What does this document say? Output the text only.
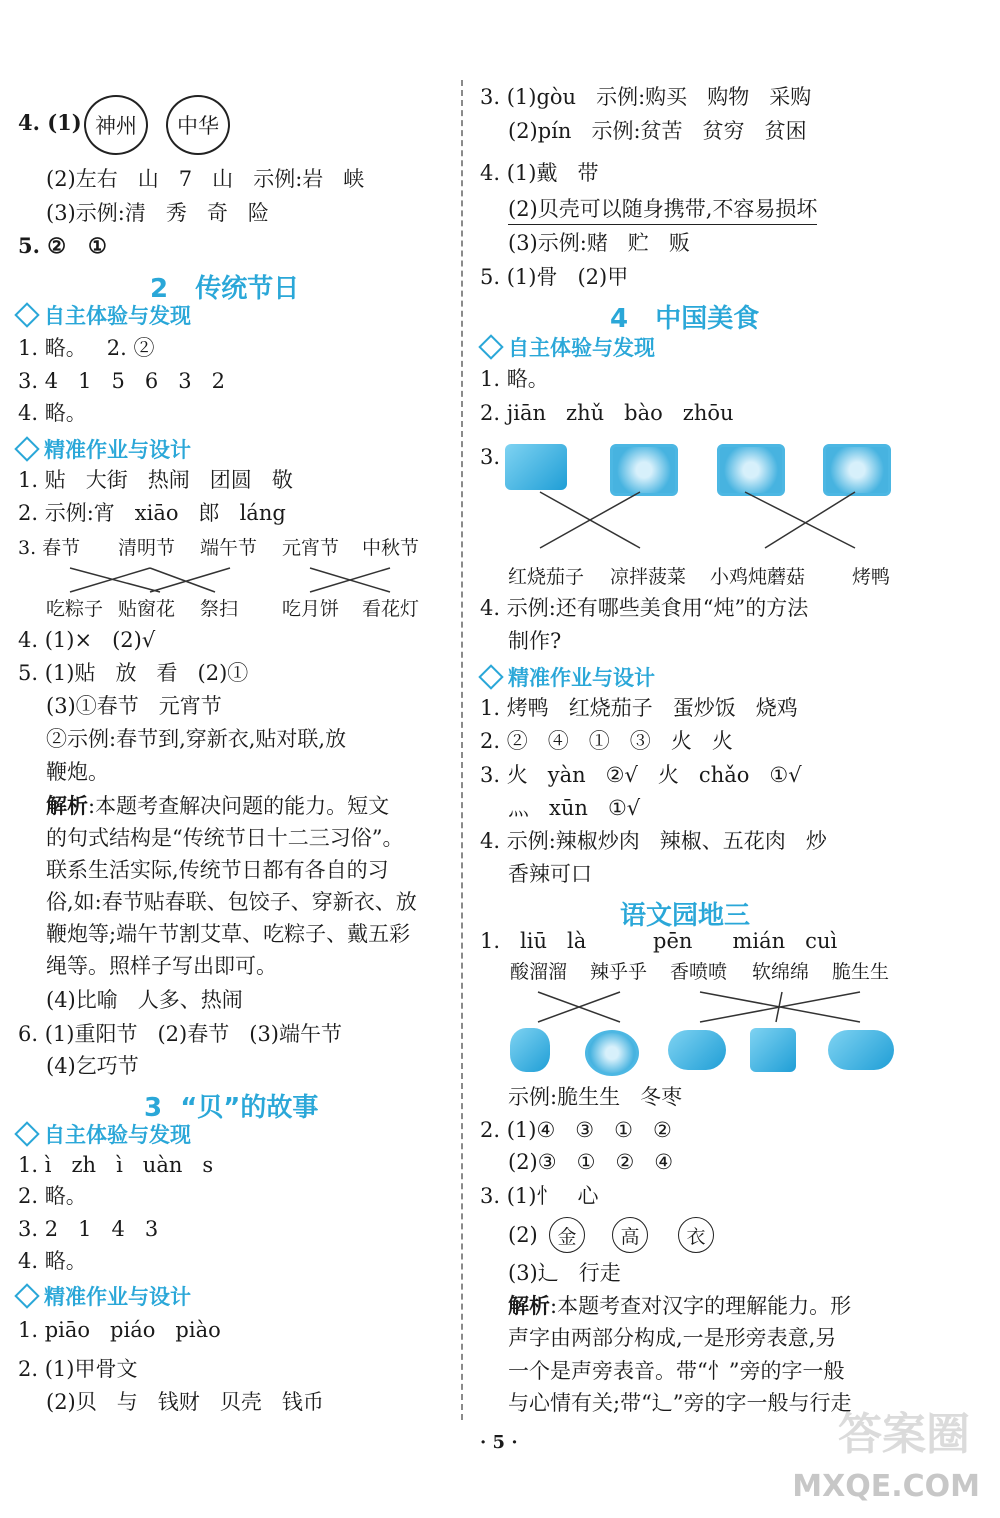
4. (1) 神州	中华
(2)左右   山   7   山   示例:岩   峡
(3)示例:清   秀   奇   险
5. ②   ①
2   传统节日
自主体验与发现
1. 略。   2. ②
3. 4   1   5   6   3   2
4. 略。
精准作业与设计
1. 贴   大街   热闹   团圆   敬
2. 示例:宵   xiāo   郎   láng
3. 春节 清明节 端午节 元宵节 中秋节
吃粽子 贴窗花 祭扫 吃月饼 看花灯
4. (1)×   (2)√
5. (1)贴   放   看   (2)①
(3)①春节   元宵节
②示例:春节到,穿新衣,贴对联,放
鞭炮。
解析:本题考查解决问题的能力。短文
的句式结构是“传统节日十二三习俗”。
联系生活实际,传统节日都有各自的习
俗,如:春节贴春联、包饺子、穿新衣、放
鞭炮等;端午节割艾草、吃粽子、戴五彩
绳等。照样子写出即可。
(4)比喻   人多、热闹
6. (1)重阳节   (2)春节   (3)端午节
(4)乞巧节
3  “贝”的故事
自主体验与发现
1. ì   zh   ì   uàn   s
2. 略。
3. 2   1   4   3
4. 略。
精准作业与设计
1. piāo   piáo   piào
2. (1)甲骨文
(2)贝   与   钱财   贝壳   钱币
3. (1)gòu   示例:购买   购物   采购
(2)pín   示例:贫苦   贫穷   贫困
4. (1)戴   带
(2)贝壳可以随身携带,不容易损坏
(3)示例:赌   贮   贩
5. (1)骨   (2)甲
4   中国美食
自主体验与发现
1. 略。
2. jiān   zhǔ   bào   zhōu
3.
红烧茄子 凉拌菠菜 小鸡炖蘑菇 烤鸭
4. 示例:还有哪些美食用“炖”的方法
制作?
精准作业与设计
1. 烤鸭   红烧茄子   蛋炒饭   烧鸡
2. ②   ④   ①   ③   火   火
3. 火   yàn   ②√   火   chǎo   ①√
灬   xūn   ①√
4. 示例:辣椒炒肉   辣椒、五花肉   炒
香辣可口
语文园地三
1.   liū   là          pēn      mián   cuì
酸溜溜 辣乎乎 香喷喷 软绵绵 脆生生
示例:脆生生   冬枣
2. (1)④   ③   ①   ②
(2)③   ①   ②   ④
3. (1)忄   心
(2)	金	高	衣
(3)辶   行走
解析:本题考查对汉字的理解能力。形
声字由两部分构成,一是形旁表意,另
一个是声旁表音。带“忄”旁的字一般
与心情有关;带“辶”旁的字一般与行走
· 5 ·	答案圈
MXQE.COM
